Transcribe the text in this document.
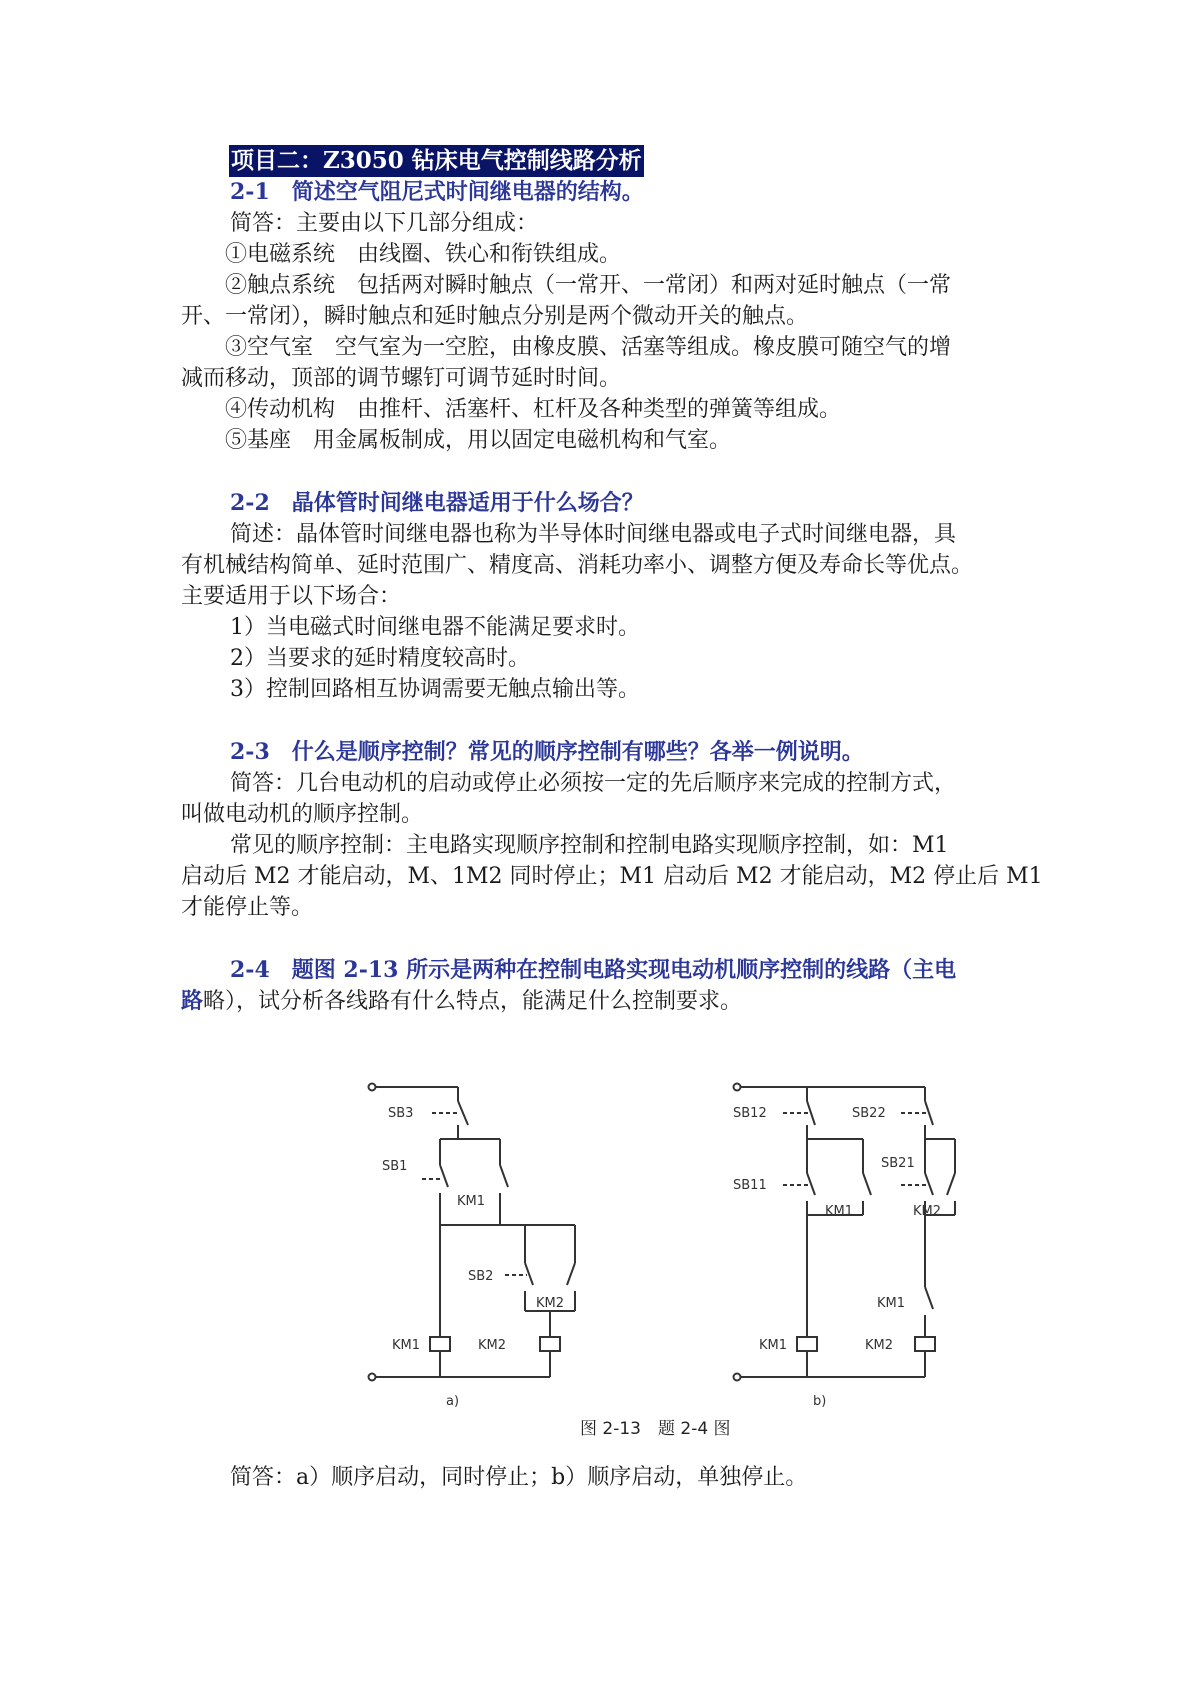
项目二：Z3050 钻床电气控制线路分析
2-1　简述空气阻尼式时间继电器的结构。
简答：主要由以下几部分组成：
①电磁系统　由线圈、铁心和衔铁组成。
②触点系统　包括两对瞬时触点（一常开、一常闭）和两对延时触点（一常
开、一常闭），瞬时触点和延时触点分别是两个微动开关的触点。
③空气室　空气室为一空腔，由橡皮膜、活塞等组成。橡皮膜可随空气的增
减而移动，顶部的调节螺钉可调节延时时间。
④传动机构　由推杆、活塞杆、杠杆及各种类型的弹簧等组成。
⑤基座　用金属板制成，用以固定电磁机构和气室。
2-2　晶体管时间继电器适用于什么场合？
简述：晶体管时间继电器也称为半导体时间继电器或电子式时间继电器，具
有机械结构简单、延时范围广、精度高、消耗功率小、调整方便及寿命长等优点。
主要适用于以下场合：
1）当电磁式时间继电器不能满足要求时。
2）当要求的延时精度较高时。
3）控制回路相互协调需要无触点输出等。
2-3　什么是顺序控制？常见的顺序控制有哪些？各举一例说明。
简答：几台电动机的启动或停止必须按一定的先后顺序来完成的控制方式，
叫做电动机的顺序控制。
常见的顺序控制：主电路实现顺序控制和控制电路实现顺序控制，如：M1
启动后 M2 才能启动，M、1M2 同时停止；M1 启动后 M2 才能启动，M2 停止后 M1
才能停止等。
2-4　题图 2-13 所示是两种在控制电路实现电动机顺序控制的线路（主电
路略），试分析各线路有什么特点，能满足什么控制要求。
SB3
SB1
KM1
SB2
KM2
KM1	KM2
a)
SB12	SB22
SB21
SB11
KM1	KM2
KM1
KM1	KM2
b)
图 2-13　题 2-4 图
简答：a）顺序启动，同时停止；b）顺序启动，单独停止。
